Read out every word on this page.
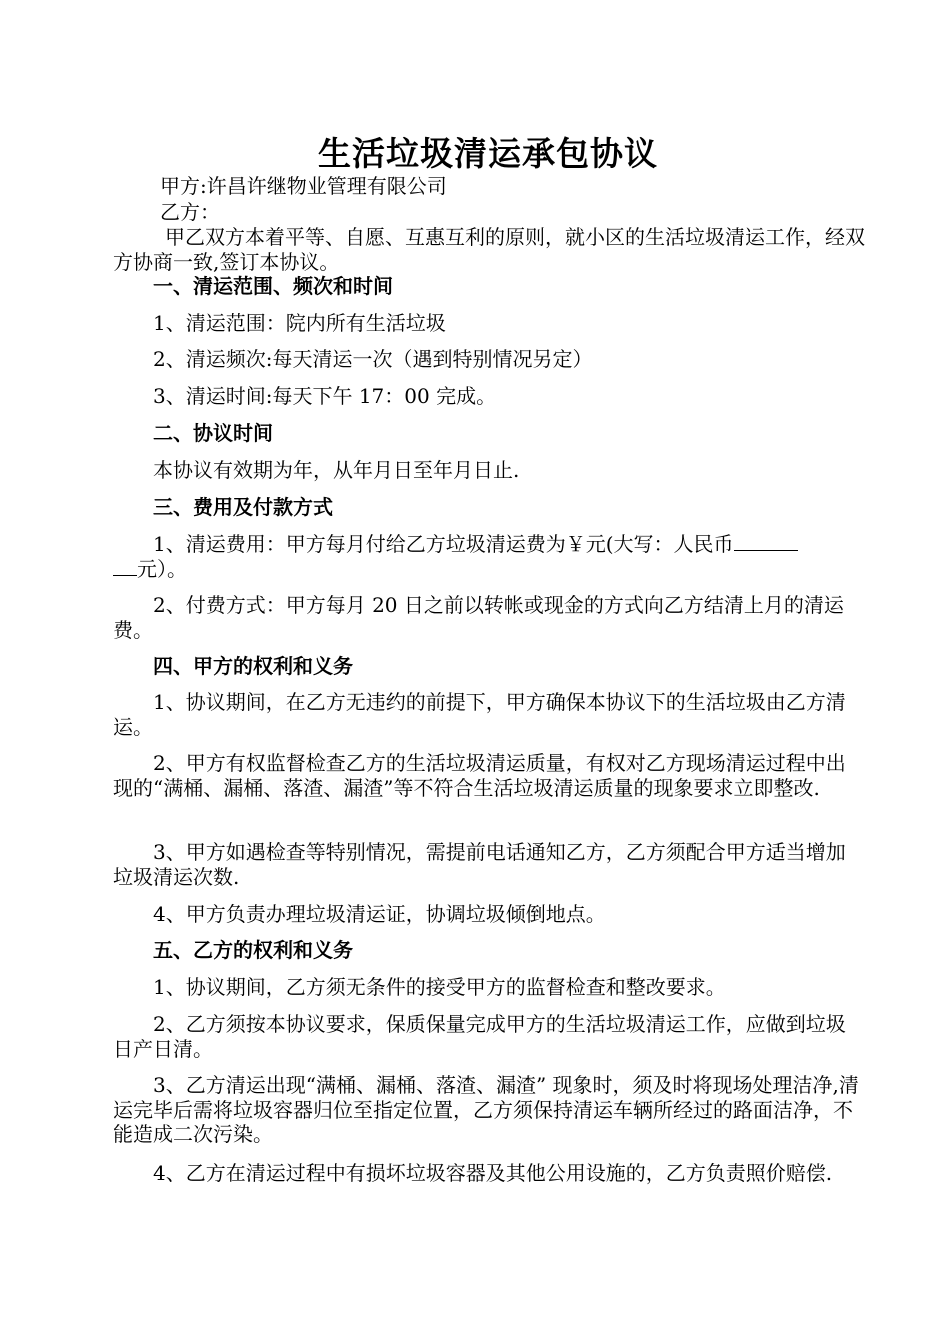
生活垃圾清运承包协议
甲方:许昌许继物业管理有限公司
乙方：
甲乙双方本着平等、自愿、互惠互利的原则，就小区的生活垃圾清运工作，经双方协商一致,签订本协议。
一、清运范围、频次和时间
1、清运范围：院内所有生活垃圾
2、清运频次:每天清运一次（遇到特别情况另定）
3、清运时间:每天下午 17：00 完成。
二、协议时间
本协议有效期为年，从年月日至年月日止.
三、费用及付款方式
1、清运费用：甲方每月付给乙方垃圾清运费为￥元(大写：人民币
元）。
2、付费方式：甲方每月 20 日之前以转帐或现金的方式向乙方结清上月的清运费。
四、甲方的权利和义务
1、协议期间，在乙方无违约的前提下，甲方确保本协议下的生活垃圾由乙方清运。
2、甲方有权监督检查乙方的生活垃圾清运质量，有权对乙方现场清运过程中出现的“满桶、漏桶、落渣、漏渣”等不符合生活垃圾清运质量的现象要求立即整改.
3、甲方如遇检查等特别情况，需提前电话通知乙方，乙方须配合甲方适当增加垃圾清运次数.
4、甲方负责办理垃圾清运证，协调垃圾倾倒地点。
五、乙方的权利和义务
1、协议期间，乙方须无条件的接受甲方的监督检查和整改要求。
2、乙方须按本协议要求，保质保量完成甲方的生活垃圾清运工作，应做到垃圾日产日清。
3、乙方清运出现“满桶、漏桶、落渣、漏渣” 现象时，须及时将现场处理洁净,清运完毕后需将垃圾容器归位至指定位置，乙方须保持清运车辆所经过的路面洁净，不能造成二次污染。
4、乙方在清运过程中有损坏垃圾容器及其他公用设施的，乙方负责照价赔偿.
